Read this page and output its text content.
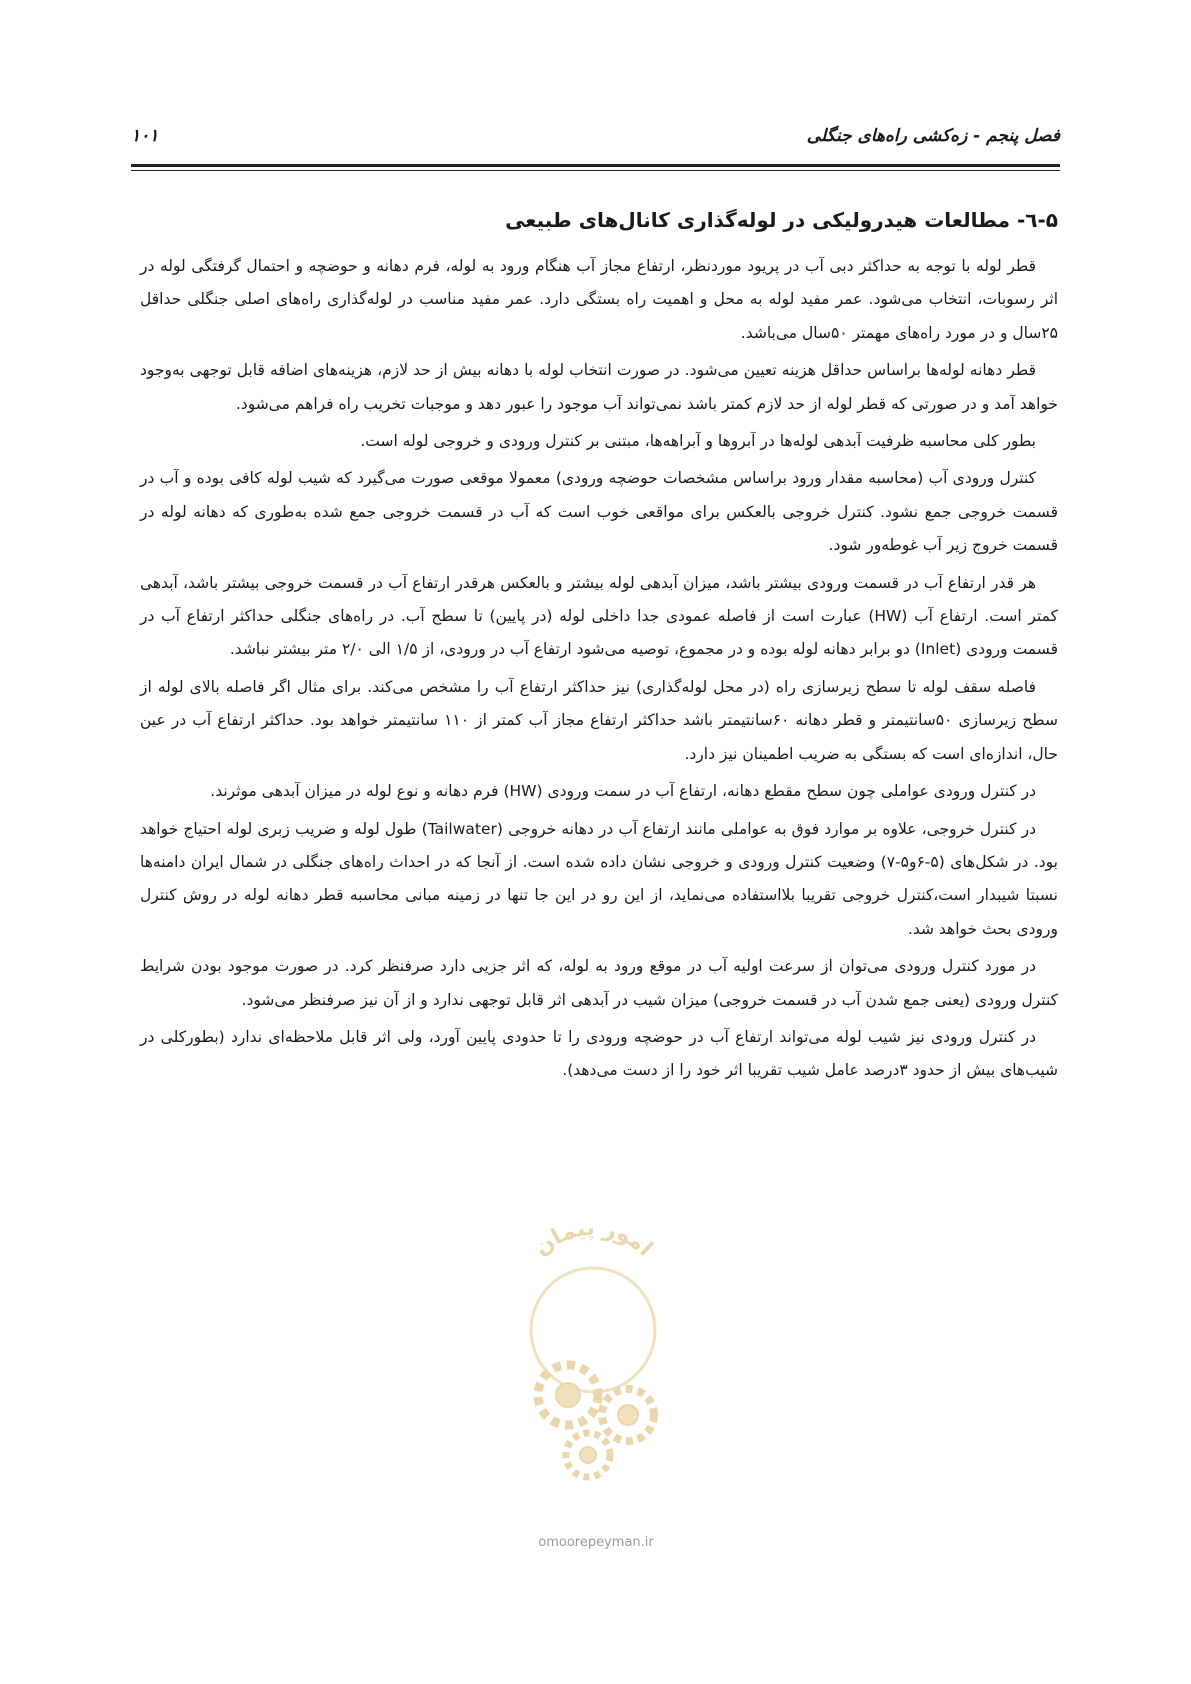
فصل پنجم - زه‌کشی راه‌های جنگلی
۱۰۱
۵-٦- مطالعات هیدرولیکی در لوله‌گذاری کانال‌های طبیعی

قطر لوله با توجه به حداکثر دبی آب در پریود موردنظر، ارتفاع مجاز آب هنگام ورود به لوله، فرم دهانه و حوضچه و احتمال گرفتگی لوله در اثر رسوبات، انتخاب می‌شود. عمر مفید لوله به محل و اهمیت راه بستگی دارد. عمر مفید مناسب در لوله‌گذاری راه‌های اصلی جنگلی حداقل ۲۵سال و در مورد راه‌های مهمتر ۵۰سال می‌باشد.

قطر دهانه لوله‌ها براساس حداقل هزینه تعیین می‌شود. در صورت انتخاب لوله با دهانه بیش از حد لازم، هزینه‌های اضافه قابل توجهی به‌وجود خواهد آمد و در صورتی که قطر لوله از حد لازم کمتر باشد نمی‌تواند آب موجود را عبور دهد و موجبات تخریب راه فراهم می‌شود.

بطور کلی محاسبه ظرفیت آبدهی لوله‌ها در آبروها و آبراهه‌ها، مبتنی بر کنترل ورودی و خروجی لوله است.

کنترل ورودی آب (محاسبه مقدار ورود براساس مشخصات حوضچه ورودی) معمولا موقعی صورت می‌گیرد که شیب لوله کافی بوده و آب در قسمت خروجی جمع نشود. کنترل خروجی بالعکس برای مواقعی خوب است که آب در قسمت خروجی جمع شده به‌طوری که دهانه لوله در قسمت خروج زیر آب غوطه‌ور شود.

هر قدر ارتفاع آب در قسمت ورودی بیشتر باشد، میزان آبدهی لوله بیشتر و بالعکس هرقدر ارتفاع آب در قسمت خروجی بیشتر باشد، آبدهی کمتر است. ارتفاع آب (HW) عبارت است از فاصله عمودی جدا داخلی لوله (در پایین) تا سطح آب. در راه‌های جنگلی حداکثر ارتفاع آب در قسمت ورودی (Inlet) دو برابر دهانه لوله بوده و در مجموع، توصیه می‌شود ارتفاع آب در ورودی، از ۱/۵ الی ۲/۰ متر بیشتر نباشد.

فاصله سقف لوله تا سطح زیرسازی راه (در محل لوله‌گذاری) نیز حداکثر ارتفاع آب را مشخص می‌کند. برای مثال اگر فاصله بالای لوله از سطح زیرسازی ۵۰سانتیمتر و قطر دهانه ۶۰سانتیمتر باشد حداکثر ارتفاع مجاز آب کمتر از ۱۱۰ سانتیمتر خواهد بود. حداکثر ارتفاع آب در عین حال، اندازه‌ای است که بستگی به ضریب اطمینان نیز دارد.

در کنترل ورودی عواملی چون سطح مقطع دهانه، ارتفاع آب در سمت ورودی (HW) فرم دهانه و نوع لوله در میزان آبدهی موثرند.

در کنترل خروجی، علاوه بر موارد فوق به عواملی مانند ارتفاع آب در دهانه خروجی (Tailwater) طول لوله و ضریب زبری لوله احتیاج خواهد بود. در شکل‌های (۵-۶و۵-۷) وضعیت کنترل ورودی و خروجی نشان داده شده است. از آنجا که در احداث راه‌های جنگلی در شمال ایران دامنه‌ها نسبتا شیبدار است،کنترل خروجی تقریبا بلااستفاده می‌نماید، از این رو در این جا تنها در زمینه مبانی محاسبه قطر دهانه لوله در روش کنترل ورودی بحث خواهد شد.

در مورد کنترل ورودی می‌توان از سرعت اولیه آب در موقع ورود به لوله، که اثر جزیی دارد صرفنظر کرد. در صورت موجود بودن شرایط کنترل ورودی (یعنی جمع شدن آب در قسمت خروجی) میزان شیب در آبدهی اثر قابل توجهی ندارد و از آن نیز صرفنظر می‌شود.

در کنترل ورودی نیز شیب لوله می‌تواند ارتفاع آب در حوضچه ورودی را تا حدودی پایین آورد، ولی اثر قابل ملاحظه‌ای ندارد (بطورکلی در شیب‌های بیش از حدود ۳درصد عامل شیب تقریبا اثر خود را از دست می‌دهد).

امور پیمان
omoorepeyman.ir
